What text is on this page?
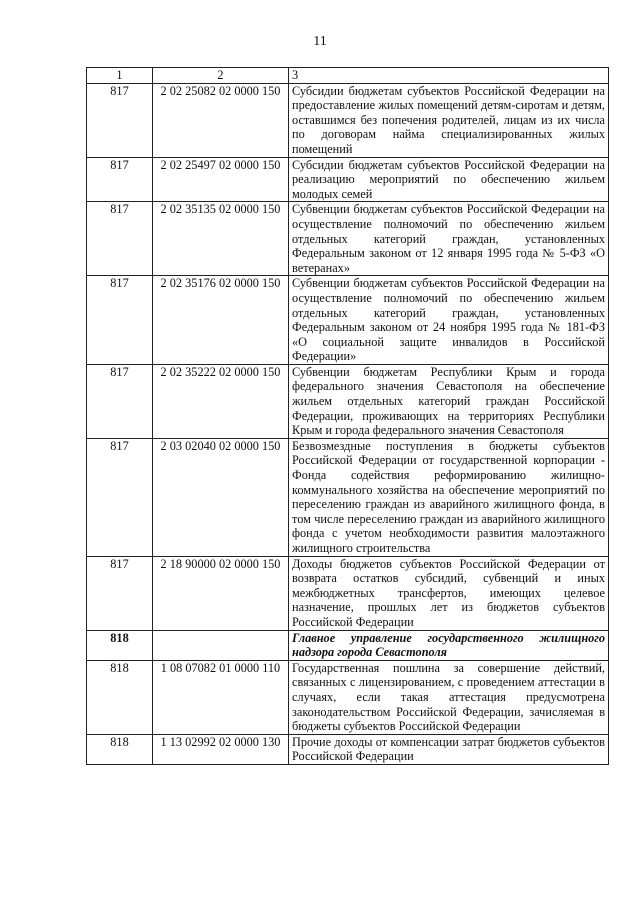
11
1	2	3
817	2 02 25082 02 0000 150	Субсидии бюджетам субъектов Российской Федерации на предоставление жилых помещений детям-сиротам и детям, оставшимся без попечения родителей, лицам из их числа по договорам найма специализированных жилых помещений
817	2 02 25497 02 0000 150	Субсидии бюджетам субъектов Российской Федерации на реализацию мероприятий по обеспечению жильем молодых семей
817	2 02 35135 02 0000 150	Субвенции бюджетам субъектов Российской Федерации на осуществление полномочий по обеспечению жильем отдельных категорий граждан, установленных Федеральным законом от 12 января 1995 года № 5-ФЗ «О ветеранах»
817	2 02 35176 02 0000 150	Субвенции бюджетам субъектов Российской Федерации на осуществление полномочий по обеспечению жильем отдельных категорий граждан, установленных Федеральным законом от 24 ноября 1995 года № 181-ФЗ «О социальной защите инвалидов в Российской Федерации»
817	2 02 35222 02 0000 150	Субвенции бюджетам Республики Крым и города федерального значения Севастополя на обеспечение жильем отдельных категорий граждан Российской Федерации, проживающих на территориях Республики Крым и города федерального значения Севастополя
817	2 03 02040 02 0000 150	Безвозмездные поступления в бюджеты субъектов Российской Федерации от государственной корпорации - Фонда содействия реформированию жилищно-коммунального хозяйства на обеспечение мероприятий по переселению граждан из аварийного жилищного фонда, в том числе переселению граждан из аварийного жилищного фонда с учетом необходимости развития малоэтажного жилищного строительства
817	2 18 90000 02 0000 150	Доходы бюджетов субъектов Российской Федерации от возврата остатков субсидий, субвенций и иных межбюджетных трансфертов, имеющих целевое назначение, прошлых лет из бюджетов субъектов Российской Федерации
818		Главное управление государственного жилищного надзора города Севастополя
818	1 08 07082 01 0000 110	Государственная пошлина за совершение действий, связанных с лицензированием, с проведением аттестации в случаях, если такая аттестация предусмотрена законодательством Российской Федерации, зачисляемая в бюджеты субъектов Российской Федерации
818	1 13 02992 02 0000 130	Прочие доходы от компенсации затрат бюджетов субъектов Российской Федерации
